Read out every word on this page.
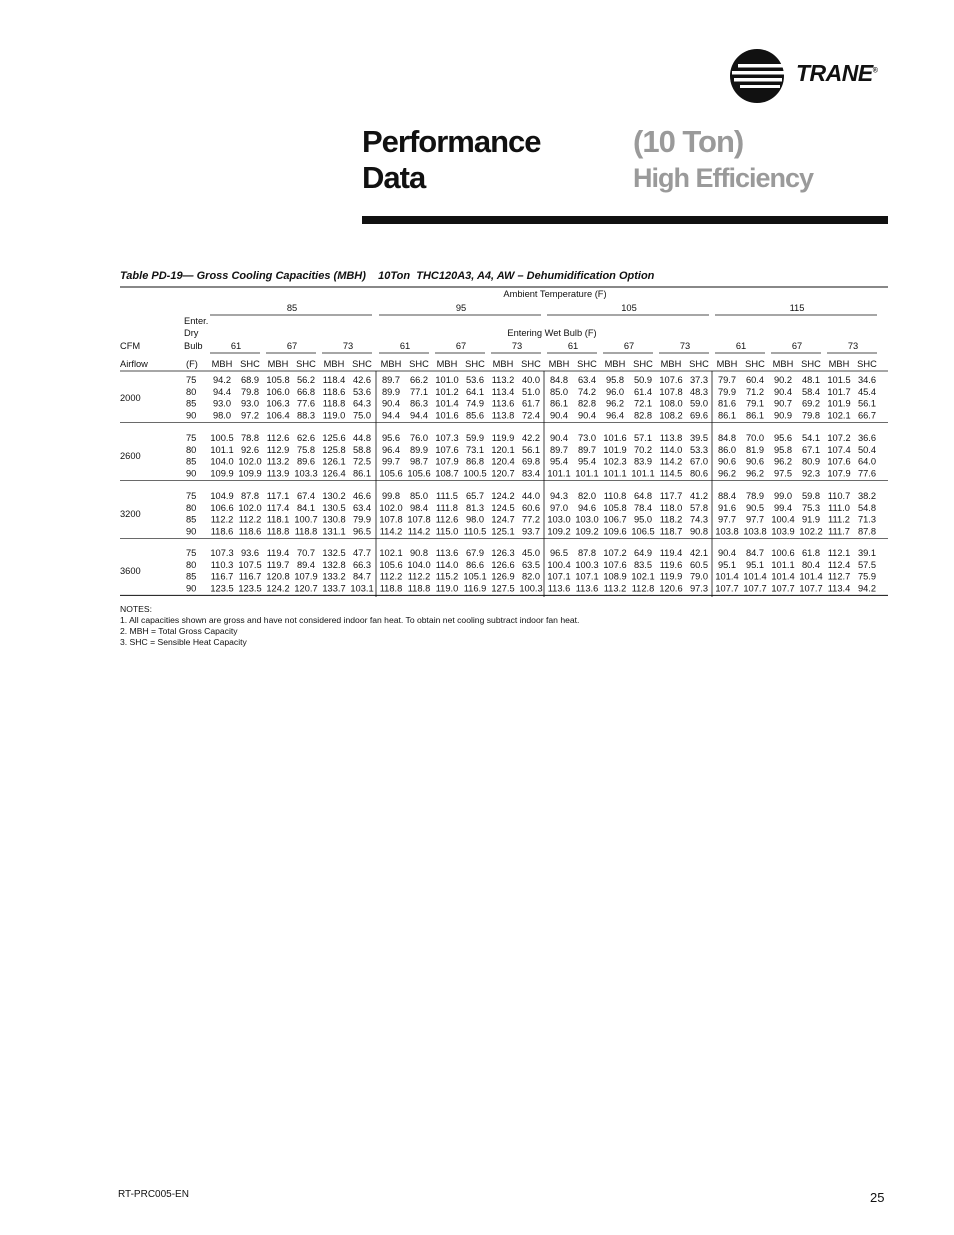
TRANE®
Performance
Data
(10 Ton)
High Efficiency
Table PD-19— Gross Cooling Capacities (MBH)    10Ton  THC120A3, A4, AW – Dehumidification Option
Ambient Temperature (F)
85	95	105	115
Enter.
Dry
Bulb
(F)
CFM
Airflow
Entering Wet Bulb (F)
61	67	73
MBH SHC MBH SHC MBH SHC
61	67	73
MBH SHC MBH SHC MBH SHC
61	67	73
MBH SHC MBH SHC MBH SHC
61	67	73
MBH SHC MBH SHC MBH SHC
2000
75 94.2 68.9 105.8 56.2 118.4 42.6 89.7 66.2 101.0 53.6 113.2 40.0 84.8 63.4 95.8 50.9 107.6 37.3 79.7 60.4 90.2 48.1 101.5 34.6
80 94.4 79.8 106.0 66.8 118.6 53.6 89.9 77.1 101.2 64.1 113.4 51.0 85.0 74.2 96.0 61.4 107.8 48.3 79.9 71.2 90.4 58.4 101.7 45.4
85 93.0 93.0 106.3 77.6 118.8 64.3 90.4 86.3 101.4 74.9 113.6 61.7 86.1 82.8 96.2 72.1 108.0 59.0 81.6 79.1 90.7 69.2 101.9 56.1
90 98.0 97.2 106.4 88.3 119.0 75.0 94.4 94.4 101.6 85.6 113.8 72.4 90.4 90.4 96.4 82.8 108.2 69.6 86.1 86.1 90.9 79.8 102.1 66.7
2600
75 100.5 78.8 112.6 62.6 125.6 44.8 95.6 76.0 107.3 59.9 119.9 42.2 90.4 73.0 101.6 57.1 113.8 39.5 84.8 70.0 95.6 54.1 107.2 36.6
80 101.1 92.6 112.9 75.8 125.8 58.8 96.4 89.9 107.6 73.1 120.1 56.1 89.7 89.7 101.9 70.2 114.0 53.3 86.0 81.9 95.8 67.1 107.4 50.4
85 104.0 102.0 113.2 89.6 126.1 72.5 99.7 98.7 107.9 86.8 120.4 69.8 95.4 95.4 102.3 83.9 114.2 67.0 90.6 90.6 96.2 80.9 107.6 64.0
90 109.9 109.9 113.9 103.3 126.4 86.1 105.6 105.6 108.7 100.5 120.7 83.4 101.1 101.1 101.1 101.1 114.5 80.6 96.2 96.2 97.5 92.3 107.9 77.6
3200
75 104.9 87.8 117.1 67.4 130.2 46.6 99.8 85.0 111.5 65.7 124.2 44.0 94.3 82.0 110.8 64.8 117.7 41.2 88.4 78.9 99.0 59.8 110.7 38.2
80 106.6 102.0 117.4 84.1 130.5 63.4 102.0 98.4 111.8 81.3 124.5 60.6 97.0 94.6 105.8 78.4 118.0 57.8 91.6 90.5 99.4 75.3 111.0 54.8
85 112.2 112.2 118.1 100.7 130.8 79.9 107.8 107.8 112.6 98.0 124.7 77.2 103.0 103.0 106.7 95.0 118.2 74.3 97.7 97.7 100.4 91.9 111.2 71.3
90 118.6 118.6 118.8 118.8 131.1 96.5 114.2 114.2 115.0 110.5 125.1 93.7 109.2 109.2 109.6 106.5 118.7 90.8 103.8 103.8 103.9 102.2 111.7 87.8
3600
75 107.3 93.6 119.4 70.7 132.5 47.7 102.1 90.8 113.6 67.9 126.3 45.0 96.5 87.8 107.2 64.9 119.4 42.1 90.4 84.7 100.6 61.8 112.1 39.1
80 110.3 107.5 119.7 89.4 132.8 66.3 105.6 104.0 114.0 86.6 126.6 63.5 100.4 100.3 107.6 83.5 119.6 60.5 95.1 95.1 101.1 80.4 112.4 57.5
85 116.7 116.7 120.8 107.9 133.2 84.7 112.2 112.2 115.2 105.1 126.9 82.0 107.1 107.1 108.9 102.1 119.9 79.0 101.4 101.4 101.4 101.4 112.7 75.9
90 123.5 123.5 124.2 120.7 133.7 103.1 118.8 118.8 119.0 116.9 127.5 100.3 113.6 113.6 113.2 112.8 120.6 97.3 107.7 107.7 107.7 107.7 113.4 94.2
NOTES:
1. All capacities shown are gross and have not considered indoor fan heat. To obtain net cooling subtract indoor fan heat.
2. MBH = Total Gross Capacity
3. SHC = Sensible Heat Capacity
RT-PRC005-EN	25
